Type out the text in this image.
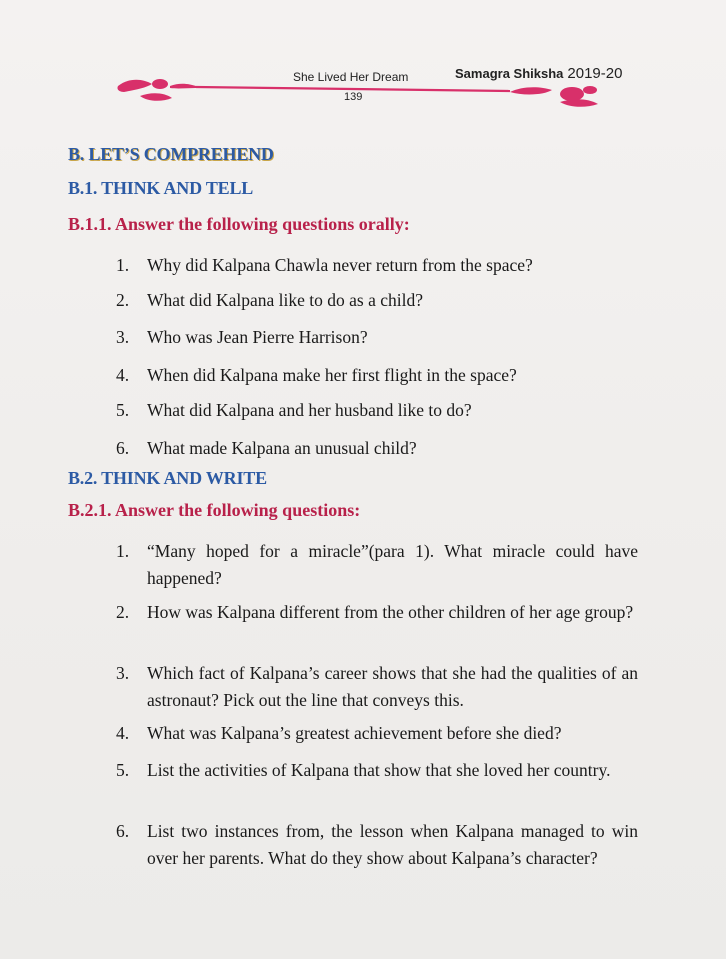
She Lived Her Dream
139
Samagra Shiksha 2019-20
B. LET’S COMPREHEND
B.1. THINK AND TELL
B.1.1. Answer the following questions orally:
1.	Why did Kalpana Chawla never return from the space?
2.	What did Kalpana like to do as a child?
3.	Who was Jean Pierre Harrison?
4.	When did Kalpana make her first flight in the space?
5.	What did Kalpana and her husband like to do?
6.	What made Kalpana an unusual child?
B.2. THINK AND WRITE
B.2.1. Answer the following questions:
1.	“Many hoped for a miracle”(para 1). What miracle could have happened?
2.	How was Kalpana different from the other children of her age group?
3.	Which fact of Kalpana’s career shows that she had the qualities of an astronaut? Pick out the line that conveys this.
4.	What was Kalpana’s greatest achievement before she died?
5.	List the activities of Kalpana that show that she loved her country.
6.	List two instances from, the lesson when Kalpana managed to win over her parents. What do they show about Kalpana’s character?
